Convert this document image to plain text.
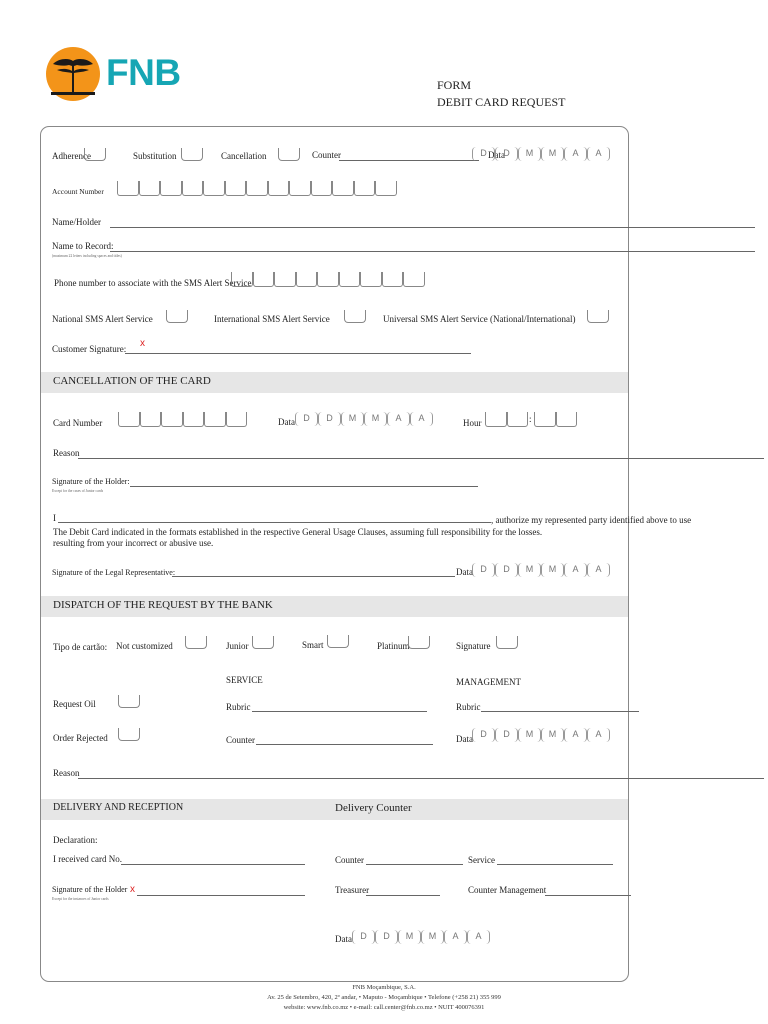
FNB	FORM
DEBIT CARD REQUEST
Adherence	Substitution	Cancellation	Counter	Data
D	D	M	M	A	A
Account Number
Name/Holder
Name to Record:
(maximum 22 letters including spaces and titles)
Phone number to associate with the SMS Alert Service
National SMS Alert Service	International SMS Alert Service	Universal SMS Alert Service (National/International)
Customer Signature: x
CANCELLATION OF THE CARD
Card Number	Data D	D	M	M	A	A	Hour	:
Reason
Signature of the Holder:
Except for the cases of Junior cards
I	, authorize my represented party identified above to use
The Debit Card indicated in the formats established in the respective General Usage Clauses, assuming full responsibility for the losses.
resulting from your incorrect or abusive use.
Signature of the Legal Representative:	Data D	D	M	M	A	A
DISPATCH OF THE REQUEST BY THE BANK
Tipo de cartão: Not customized	Junior	Smart	Platinum	Signature
SERVICE	MANAGEMENT
Request Oil	Rubric	Rubric
Order Rejected	Counter	Data D	D	M	M	A	A
Reason
DELIVERY AND RECEPTION	Delivery Counter
Declaration:
I received card No.	Counter	Service
Signature of the Holder x
Except for the instances of Junior cards
Treasurer	Counter Management
Data D	D	M	M	A	A
FNB Moçambique, S.A.
Av. 25 de Setembro, 420, 2º andar, • Maputo - Moçambique • Telefone (+258 21) 355 999
website: www.fnb.co.mz • e-mail: call.center@fnb.co.mz • NUIT 400076391
